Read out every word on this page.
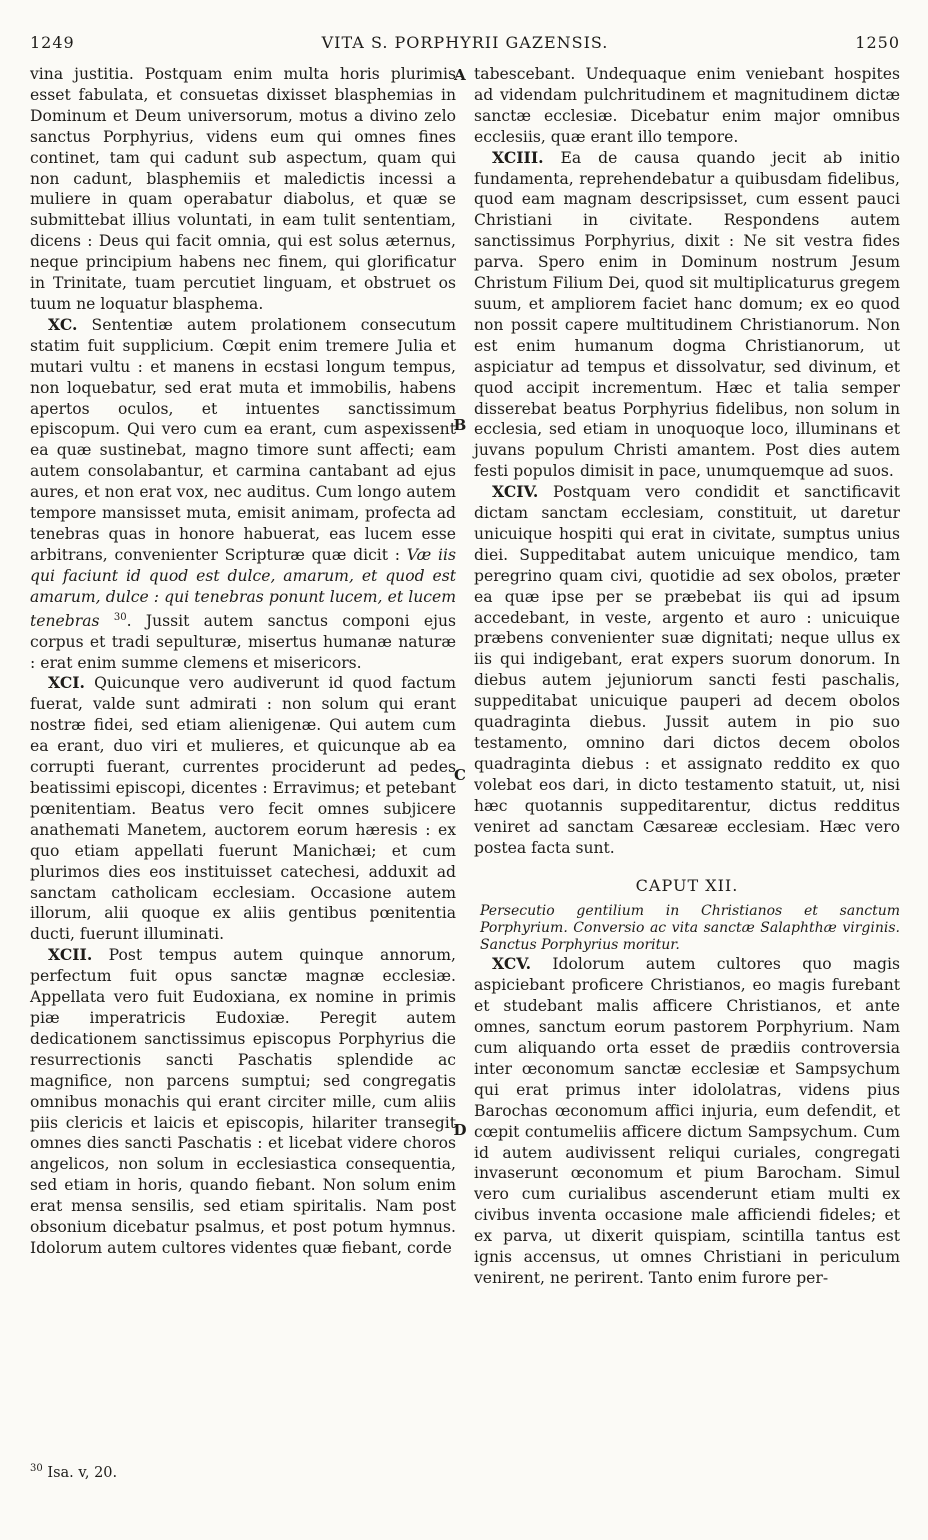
1249	VITA S. PORPHYRII GAZENSIS.	1250
A
B
C
D

vina justitia. Postquam enim multa horis plurimis esset fabulata, et consuetas dixisset blasphemias in Dominum et Deum universorum, motus a divino zelo sanctus Porphyrius, videns eum qui omnes fines continet, tam qui cadunt sub aspectum, quam qui non cadunt, blasphemiis et maledictis incessi a muliere in quam operabatur diabolus, et quæ se submittebat illius voluntati, in eam tulit sententiam, dicens : Deus qui facit omnia, qui est solus æternus, neque principium habens nec finem, qui glorificatur in Trinitate, tuam percutiet linguam, et obstruet os tuum ne loquatur blasphema.

XC. Sententiæ autem prolationem consecutum statim fuit supplicium. Cœpit enim tremere Julia et mutari vultu : et manens in ecstasi longum tempus, non loquebatur, sed erat muta et immobilis, habens apertos oculos, et intuentes sanctissimum episcopum. Qui vero cum ea erant, cum aspexissent ea quæ sustinebat, magno timore sunt affecti; eam autem consolabantur, et carmina cantabant ad ejus aures, et non erat vox, nec auditus. Cum longo autem tempore mansisset muta, emisit animam, profecta ad tenebras quas in honore habuerat, eas lucem esse arbitrans, convenienter Scripturæ quæ dicit : Væ iis qui faciunt id quod est dulce, amarum, et quod est amarum, dulce : qui tenebras ponunt lucem, et lucem tenebras $^{30}$. Jussit autem sanctus componi ejus corpus et tradi sepulturæ, misertus humanæ naturæ : erat enim summe clemens et misericors.

XCI. Quicunque vero audiverunt id quod factum fuerat, valde sunt admirati : non solum qui erant nostræ fidei, sed etiam alienigenæ. Qui autem cum ea erant, duo viri et mulieres, et quicunque ab ea corrupti fuerant, currentes prociderunt ad pedes beatissimi episcopi, dicentes : Erravimus; et petebant pœnitentiam. Beatus vero fecit omnes subjicere anathemati Manetem, auctorem eorum hæresis : ex quo etiam appellati fuerunt Manichæi; et cum plurimos dies eos instituisset catechesi, adduxit ad sanctam catholicam ecclesiam. Occasione autem illorum, alii quoque ex aliis gentibus pœnitentia ducti, fuerunt illuminati.

XCII. Post tempus autem quinque annorum, perfectum fuit opus sanctæ magnæ ecclesiæ. Appellata vero fuit Eudoxiana, ex nomine in primis piæ imperatricis Eudoxiæ. Peregit autem dedicationem sanctissimus episcopus Porphyrius die resurrectionis sancti Paschatis splendide ac magnifice, non parcens sumptui; sed congregatis omnibus monachis qui erant circiter mille, cum aliis piis clericis et laicis et episcopis, hilariter transegit omnes dies sancti Paschatis : et licebat videre choros angelicos, non solum in ecclesiastica consequentia, sed etiam in horis, quando fiebant. Non solum enim erat mensa sensilis, sed etiam spiritalis. Nam post obsonium dicebatur psalmus, et post potum hymnus. Idolorum autem cultores videntes quæ fiebant, corde

tabescebant. Undequaque enim veniebant hospites ad videndam pulchritudinem et magnitudinem dictæ sanctæ ecclesiæ. Dicebatur enim major omnibus ecclesiis, quæ erant illo tempore.

XCIII. Ea de causa quando jecit ab initio fundamenta, reprehendebatur a quibusdam fidelibus, quod eam magnam descripsisset, cum essent pauci Christiani in civitate. Respondens autem sanctissimus Porphyrius, dixit : Ne sit vestra fides parva. Spero enim in Dominum nostrum Jesum Christum Filium Dei, quod sit multiplicaturus gregem suum, et ampliorem faciet hanc domum; ex eo quod non possit capere multitudinem Christianorum. Non est enim humanum dogma Christianorum, ut aspiciatur ad tempus et dissolvatur, sed divinum, et quod accipit incrementum. Hæc et talia semper disserebat beatus Porphyrius fidelibus, non solum in ecclesia, sed etiam in unoquoque loco, illuminans et juvans populum Christi amantem. Post dies autem festi populos dimisit in pace, unumquemque ad suos.

XCIV. Postquam vero condidit et sanctificavit dictam sanctam ecclesiam, constituit, ut daretur unicuique hospiti qui erat in civitate, sumptus unius diei. Suppeditabat autem unicuique mendico, tam peregrino quam civi, quotidie ad sex obolos, præter ea quæ ipse per se præbebat iis qui ad ipsum accedebant, in veste, argento et auro : unicuique præbens convenienter suæ dignitati; neque ullus ex iis qui indigebant, erat expers suorum donorum. In diebus autem jejuniorum sancti festi paschalis, suppeditabat unicuique pauperi ad decem obolos quadraginta diebus. Jussit autem in pio suo testamento, omnino dari dictos decem obolos quadraginta diebus : et assignato reddito ex quo volebat eos dari, in dicto testamento statuit, ut, nisi hæc quotannis suppeditarentur, dictus redditus veniret ad sanctam Cæsareæ ecclesiam. Hæc vero postea facta sunt.

CAPUT XII.

Persecutio gentilium in Christianos et sanctum Porphyrium. Conversio ac vita sanctæ Salaphthæ virginis. Sanctus Porphyrius moritur.

XCV. Idolorum autem cultores quo magis aspiciebant proficere Christianos, eo magis furebant et studebant malis afficere Christianos, et ante omnes, sanctum eorum pastorem Porphyrium. Nam cum aliquando orta esset de prædiis controversia inter œconomum sanctæ ecclesiæ et Sampsychum qui erat primus inter idololatras, videns pius Barochas œconomum affici injuria, eum defendit, et cœpit contumeliis afficere dictum Sampsychum. Cum id autem audivissent reliqui curiales, congregati invaserunt œconomum et pium Barocham. Simul vero cum curialibus ascenderunt etiam multi ex civibus inventa occasione male afficiendi fideles; et ex parva, ut dixerit quispiam, scintilla tantus est ignis accensus, ut omnes Christiani in periculum venirent, ne perirent. Tanto enim furore per-

$^{30}$ Isa. v, 20.
